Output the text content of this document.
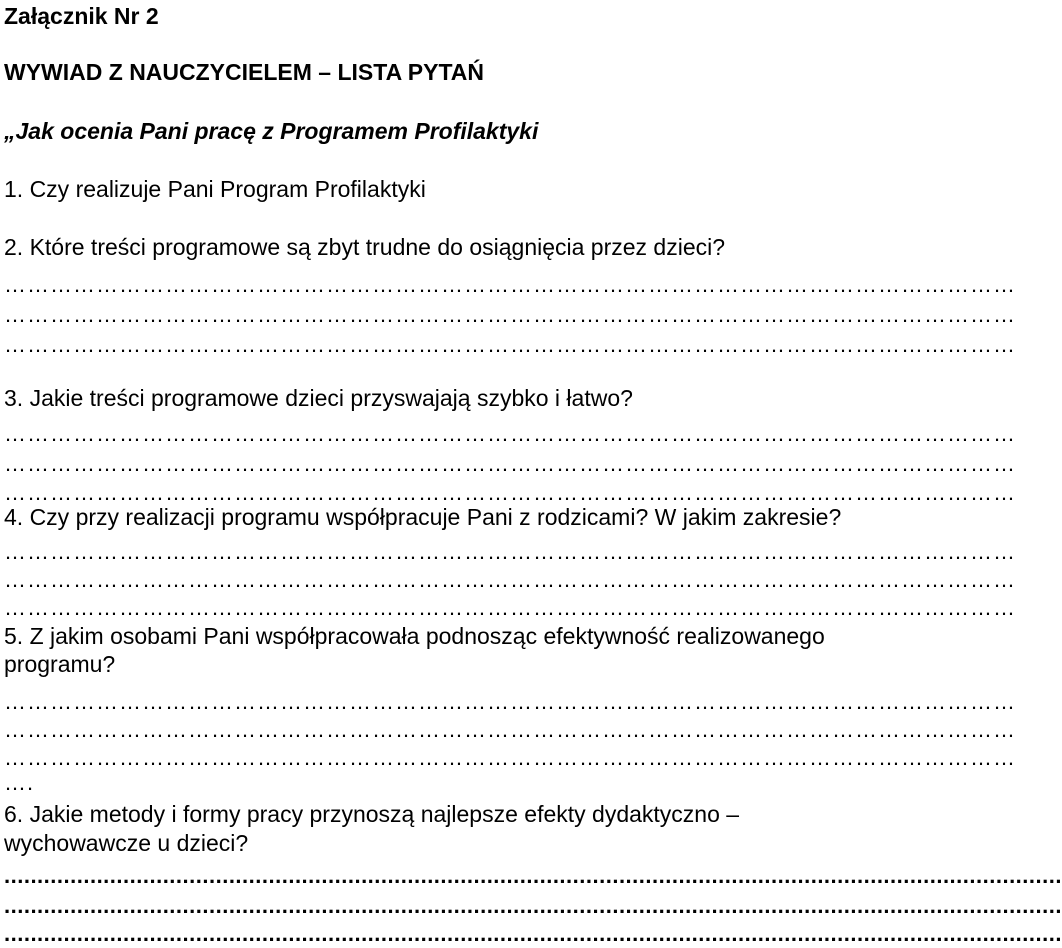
Załącznik Nr 2
WYWIAD Z NAUCZYCIELEM – LISTA PYTAŃ
„Jak ocenia Pani pracę z Programem Profilaktyki
1. Czy realizuje Pani Program Profilaktyki
2. Które treści programowe są zbyt trudne do osiągnięcia przez dzieci?
……………………………………………………………………………………………………………………
……………………………………………………………………………………………………………………
……………………………………………………………………………………………………………………
3. Jakie treści programowe dzieci przyswajają szybko i łatwo?
……………………………………………………………………………………………………………………
……………………………………………………………………………………………………………………
……………………………………………………………………………………………………………………
4. Czy przy realizacji programu współpracuje Pani z rodzicami? W jakim zakresie?
……………………………………………………………………………………………………………………
……………………………………………………………………………………………………………………
……………………………………………………………………………………………………………………
5. Z jakim osobami Pani współpracowała podnosząc efektywność realizowanego
programu?
……………………………………………………………………………………………………………………
……………………………………………………………………………………………………………………
……………………………………………………………………………………………………………………
….
6. Jakie metody i formy pracy przynoszą najlepsze efekty dydaktyczno –
wychowawcze u dzieci?
................................................................................................................................................................
................................................................................................................................................................
................................................................................................................................................................
